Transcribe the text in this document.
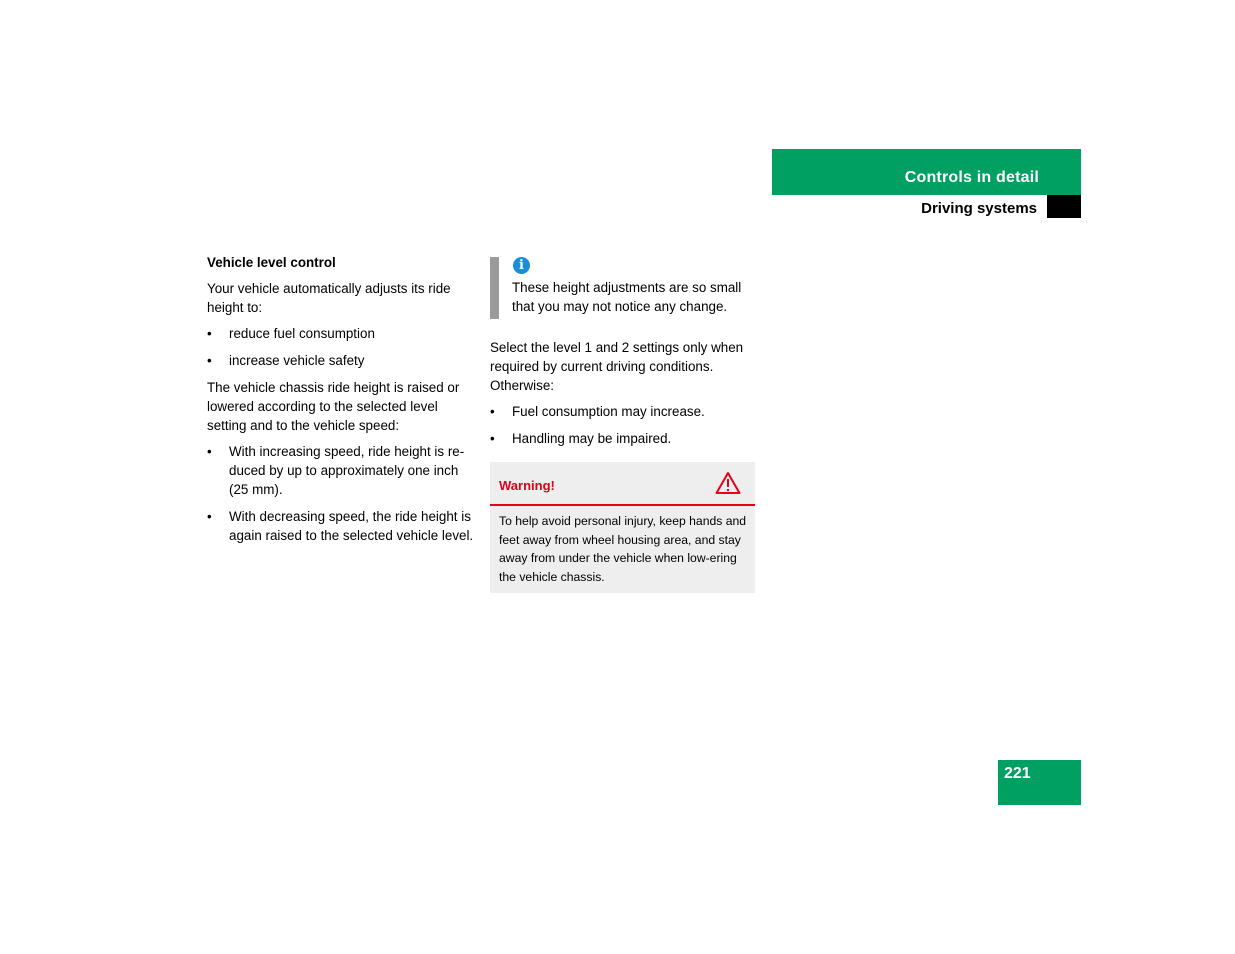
Controls in detail
Driving systems
Vehicle level control

Your vehicle automatically adjusts its ride height to:

• reduce fuel consumption
• increase vehicle safety

The vehicle chassis ride height is raised or lowered according to the selected level setting and to the vehicle speed:

• With increasing speed, ride height is re-duced by up to approximately one inch (25 mm).
• With decreasing speed, the ride height is again raised to the selected vehicle level.
i
These height adjustments are so small that you may not notice any change.

Select the level 1 and 2 settings only when required by current driving conditions. Otherwise:

• Fuel consumption may increase.
• Handling may be impaired.
Warning!
To help avoid personal injury, keep hands and feet away from wheel housing area, and stay away from under the vehicle when low-ering the vehicle chassis.
221
